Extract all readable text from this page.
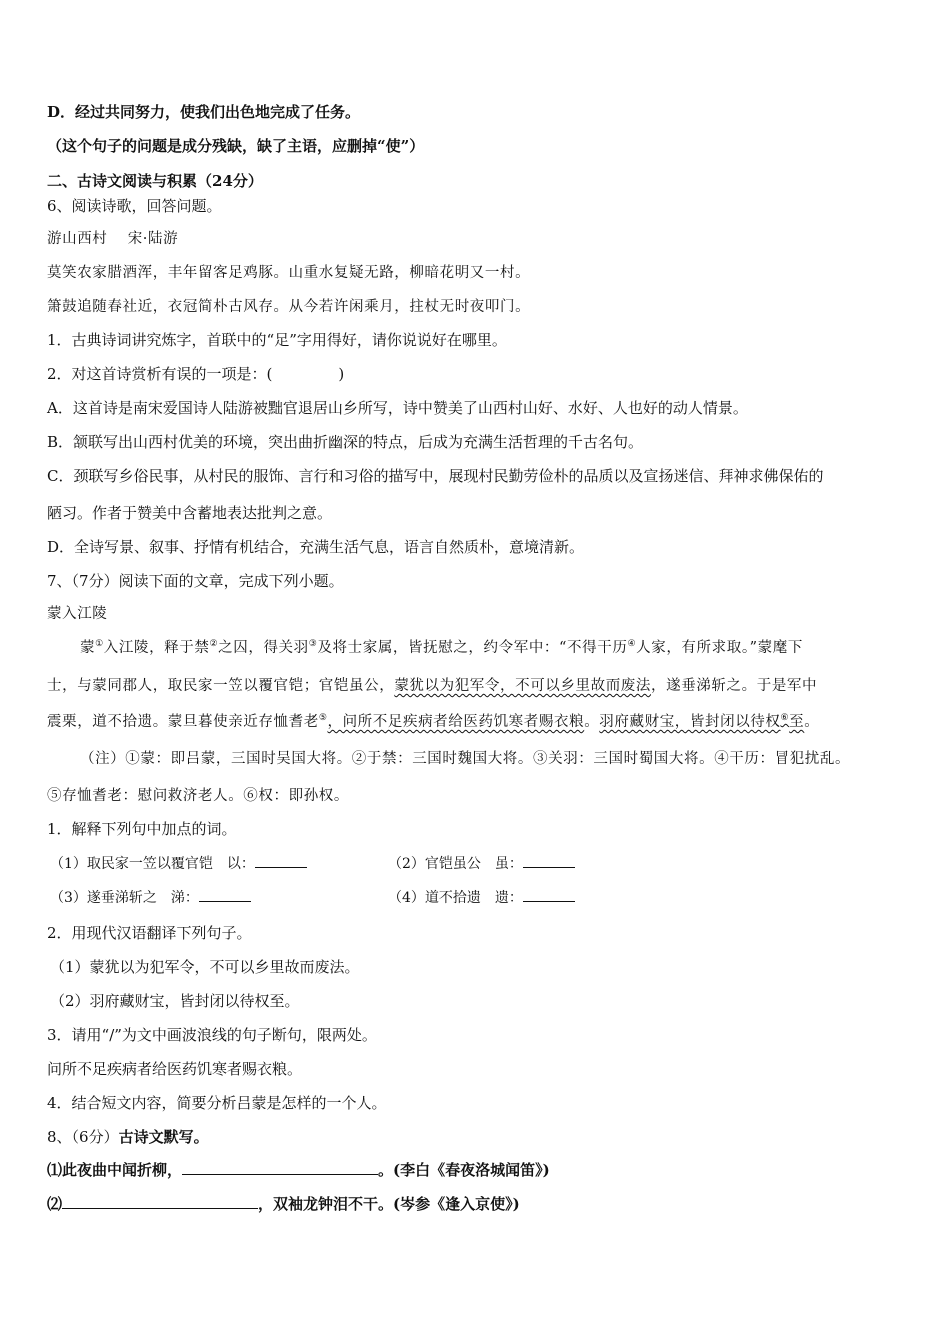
D．经过共同努力，使我们出色地完成了任务。
（这个句子的问题是成分残缺，缺了主语，应删掉“使”）
二、古诗文阅读与积累（24分）
6、阅读诗歌，回答问题。
游山西村　 宋·陆游
莫笑农家腊酒浑，丰年留客足鸡豚。山重水复疑无路，柳暗花明又一村。
箫鼓追随春社近，衣冠简朴古风存。从今若许闲乘月，拄杖无时夜叩门。
1．古典诗词讲究炼字，首联中的“足”字用得好，请你说说好在哪里。
2．对这首诗赏析有误的一项是：(	)
A．这首诗是南宋爱国诗人陆游被黜官退居山乡所写，诗中赞美了山西村山好、水好、人也好的动人情景。
B．颔联写出山西村优美的环境，突出曲折幽深的特点，后成为充满生活哲理的千古名句。
C．颈联写乡俗民事，从村民的服饰、言行和习俗的描写中，展现村民勤劳俭朴的品质以及宣扬迷信、拜神求佛保佑的
陋习。作者于赞美中含蓄地表达批判之意。
D．全诗写景、叙事、抒情有机结合，充满生活气息，语言自然质朴，意境清新。
7、（7分）阅读下面的文章，完成下列小题。
蒙入江陵
蒙①入江陵，释于禁②之囚，得关羽③及将士家属，皆抚慰之，约令军中：“不得干历④人家，有所求取。”蒙麾下
士，与蒙同郡人，取民家一笠以覆官铠；官铠虽公，蒙犹以为犯军令，不可以乡里故而废法，遂垂涕斩之。于是军中
震栗，道不拾遗。蒙旦暮使亲近存恤耆老⑤，问所不足疾病者给医药饥寒者赐衣粮。羽府藏财宝，皆封闭以待权⑥至。
（注）①蒙：即吕蒙，三国时吴国大将。②于禁：三国时魏国大将。③关羽：三国时蜀国大将。④干历：冒犯扰乱。
⑤存恤耆老：慰问救济老人。⑥权：即孙权。
1．解释下列句中加点的词。
（1）取民家一笠以覆官铠　以：	（2）官铠虽公　虽：
（3）遂垂涕斩之　涕：	（4）道不拾遗　遗：
2．用现代汉语翻译下列句子。
（1）蒙犹以为犯军令，不可以乡里故而废法。
（2）羽府藏财宝，皆封闭以待权至。
3．请用“/”为文中画波浪线的句子断句，限两处。
问所不足疾病者给医药饥寒者赐衣粮。
4．结合短文内容，简要分析吕蒙是怎样的一个人。
8、（6分）古诗文默写。
⑴此夜曲中闻折柳，	。(李白《春夜洛城闻笛》)
⑵	，双袖龙钟泪不干。(岑参《逢入京使》)
